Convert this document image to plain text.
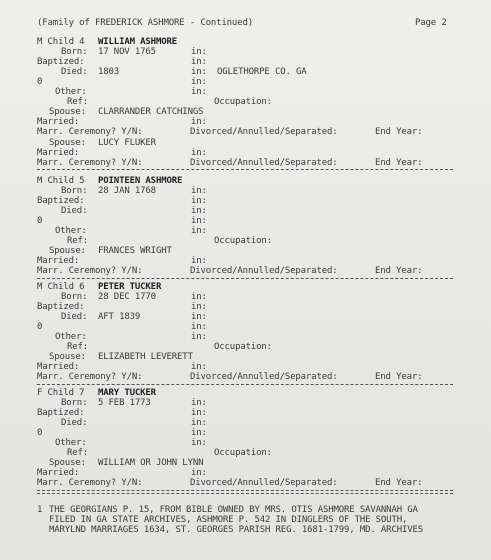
(Family of FREDERICK ASHMORE - Continued)	Page 2
M Child 4 WILLIAM ASHMORE
Born: 17 NOV 1765	in:
Baptized:	in:
Died: 1803	in: OGLETHORPE CO. GA
0	in:
Other:	in:
Ref:	Occupation:
Spouse: CLARRANDER CATCHINGS
Married:	in:
Marr. Ceremony? Y/N:	Divorced/Annulled/Separated:	End Year:
Spouse: LUCY FLUKER
Married:	in:
Marr. Ceremony? Y/N:	Divorced/Annulled/Separated:	End Year:
M Child 5 POINTEEN ASHMORE
Born: 28 JAN 1768	in:
Baptized:	in:
Died:	in:
0	in:
Other:	in:
Ref:	Occupation:
Spouse: FRANCES WRIGHT
Married:	in:
Marr. Ceremony? Y/N:	Divorced/Annulled/Separated:	End Year:
M Child 6 PETER TUCKER
Born: 28 DEC 1770	in:
Baptized:	in:
Died: AFT 1839	in:
0	in:
Other:	in:
Ref:	Occupation:
Spouse: ELIZABETH LEVERETT
Married:	in:
Marr. Ceremony? Y/N:	Divorced/Annulled/Separated:	End Year:
F Child 7 MARY TUCKER
Born: 5 FEB 1773	in:
Baptized:	in:
Died:	in:
0	in:
Other:	in:
Ref:	Occupation:
Spouse: WILLIAM OR JOHN LYNN
Married:	in:
Marr. Ceremony? Y/N:	Divorced/Annulled/Separated:	End Year:
1 THE GEORGIANS P. 15, FROM BIBLE OWNED BY MRS. OTIS ASHMORE SAVANNAH GA
FILED IN GA STATE ARCHIVES, ASHMORE P. 542 IN DINGLERS OF THE SOUTH,
MARYLND MARRIAGES 1634, ST. GEORGES PARISH REG. 1681-1799, MD. ARCHIVES
